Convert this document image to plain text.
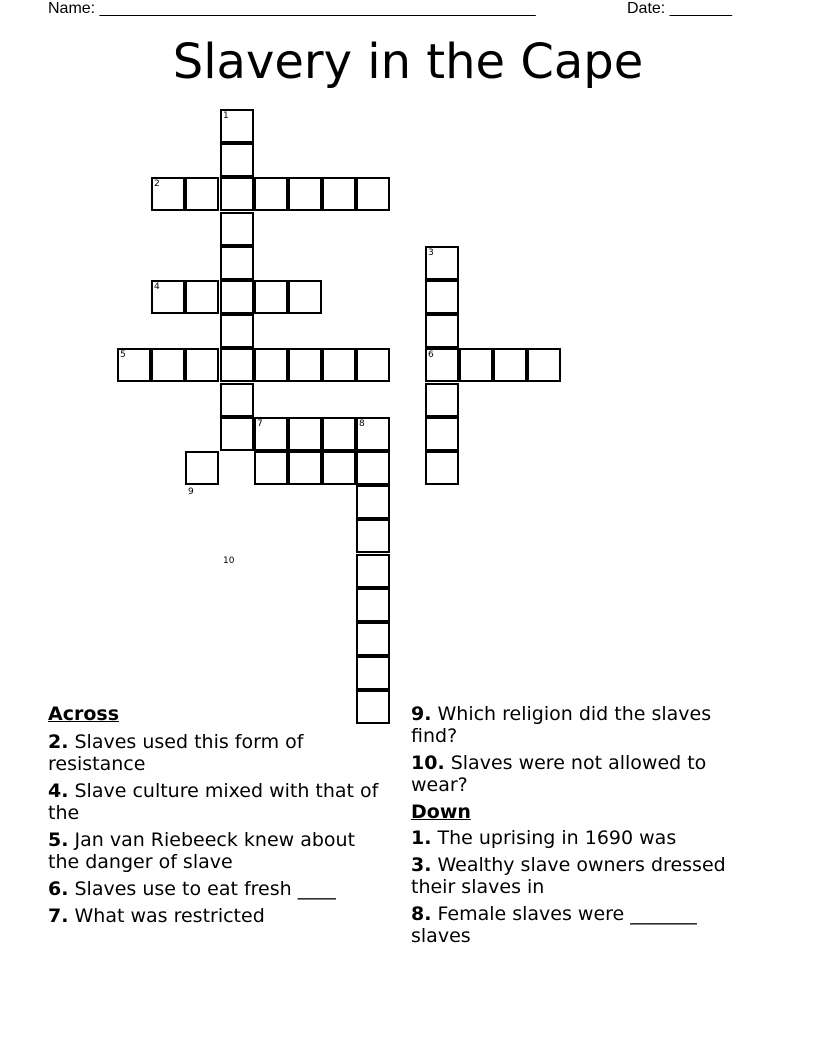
Name: _________________________________________________	Date: _______
Slavery in the Cape
1
2
3
4
5	6
7	8
9
10
Across
2. Slaves used this form of resistance
4. Slave culture mixed with that of the
5. Jan van Riebeeck knew about the danger of slave
6. Slaves use to eat fresh ____
7. What was restricted
9. Which religion did the slaves find?
10. Slaves were not allowed to wear?
Down
1. The uprising in 1690 was
3. Wealthy slave owners dressed their slaves in
8. Female slaves were _______ slaves
